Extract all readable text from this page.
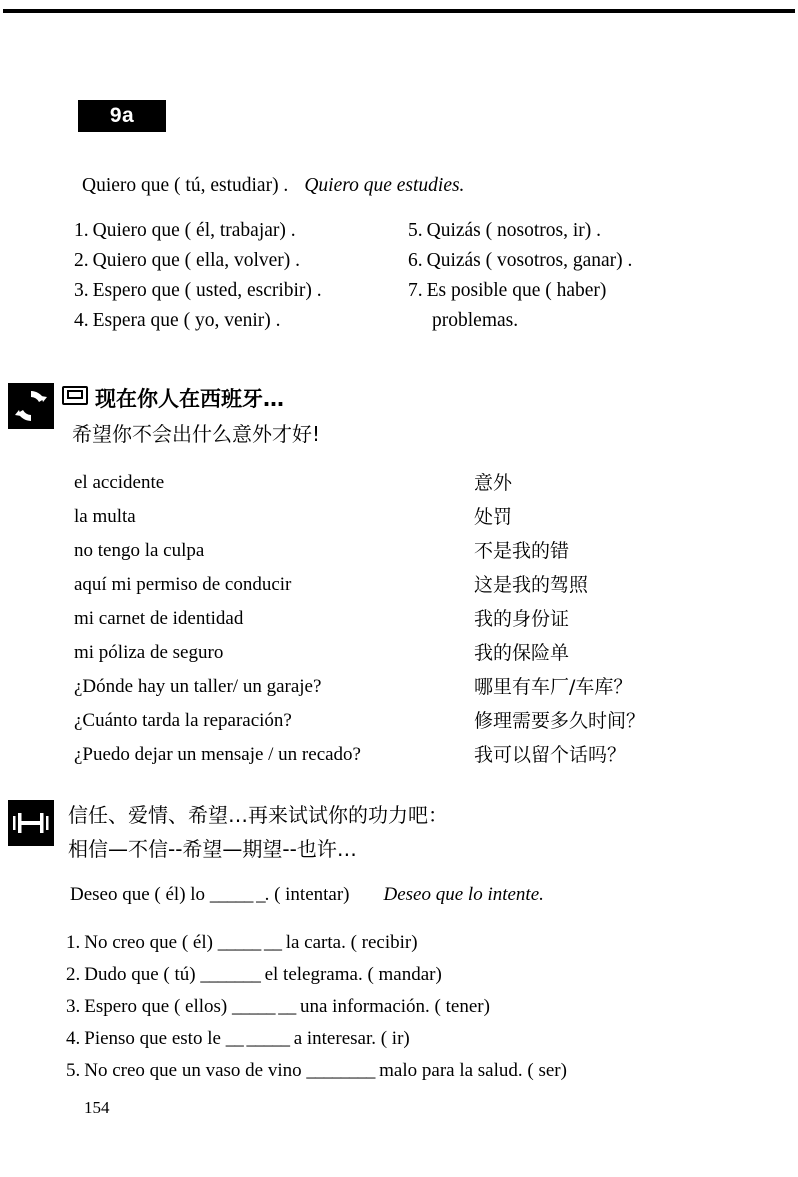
9a
Quiero que ( tú, estudiar) . Quiero que estudies.
1. Quiero que ( él, trabajar) .
2. Quiero que ( ella, volver) .
3. Espero que ( usted, escribir) .
4. Espera que ( yo, venir) .
5. Quizás ( nosotros, ir) .
6. Quizás ( vosotros, ganar) .
7. Es posible que ( haber)
problemas.
现在你人在西班牙…
希望你不会出什么意外才好!
el accidente	意外
la multa	处罚
no tengo la culpa	不是我的错
aquí mi permiso de conducir	这是我的驾照
mi carnet de identidad	我的身份证
mi póliza de seguro	我的保险单
¿Dónde hay un taller/ un garaje?	哪里有车厂/车库？
¿Cuánto tarda la reparación?	修理需要多久时间？
¿Puedo dejar un mensaje / un recado?	我可以留个话吗？
信任、爱情、希望…再来试试你的功力吧：
相信—不信--希望—期望--也许…
Deseo que ( él) lo _____ _. ( intentar) Deseo que lo intente.
1. No creo que ( él) _____ __ la carta. ( recibir)
2. Dudo que ( tú) _______ el telegrama. ( mandar)
3. Espero que ( ellos) _____ __ una información. ( tener)
4. Pienso que esto le __ _____ a interesar. ( ir)
5. No creo que un vaso de vino ________ malo para la salud. ( ser)
154
